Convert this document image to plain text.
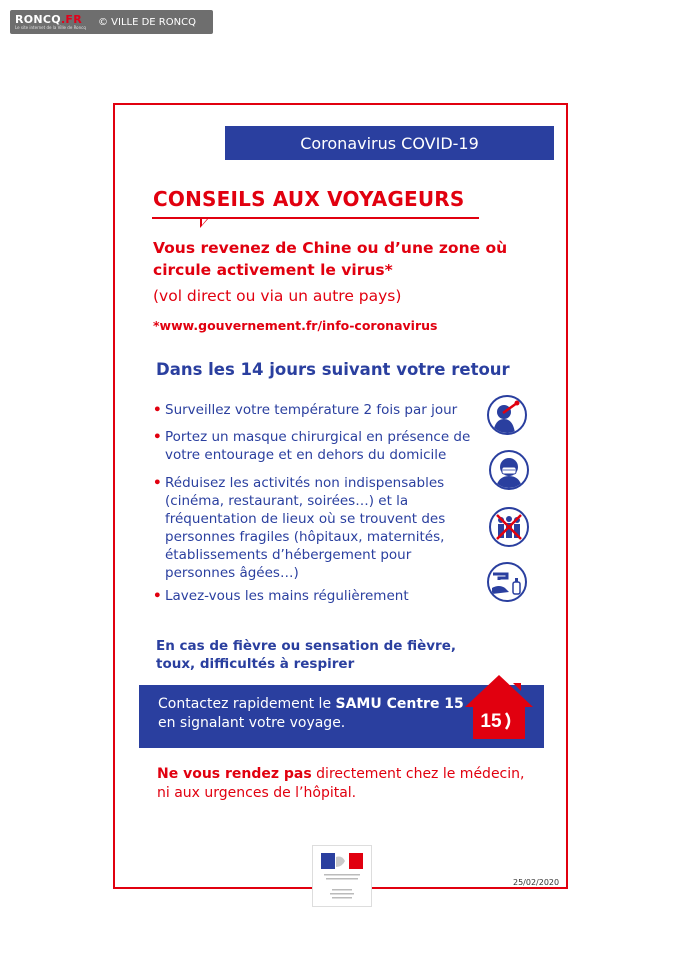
RONCQ.FR
Le site internet de la Ville de Roncq	© VILLE DE RONCQ
Coronavirus COVID-19
CONSEILS AUX VOYAGEURS
Vous revenez de Chine ou d’une zone où circule activement le virus*
(vol direct ou via un autre pays)
*www.gouvernement.fr/info-coronavirus
Dans les 14 jours suivant votre retour
• Surveillez votre température 2 fois par jour
• Portez un masque chirurgical en présence de votre entourage et en dehors du domicile
• Réduisez les activités non indispensables (cinéma, restaurant, soirées…) et la fréquentation de lieux où se trouvent des personnes fragiles (hôpitaux, maternités, établissements d’hébergement pour personnes âgées…)
• Lavez-vous les mains régulièrement
En cas de fièvre ou sensation de fièvre, toux, difficultés à respirer
Contactez rapidement le SAMU Centre 15
en signalant votre voyage.	15
Ne vous rendez pas directement chez le médecin, ni aux urgences de l’hôpital.
25/02/2020
